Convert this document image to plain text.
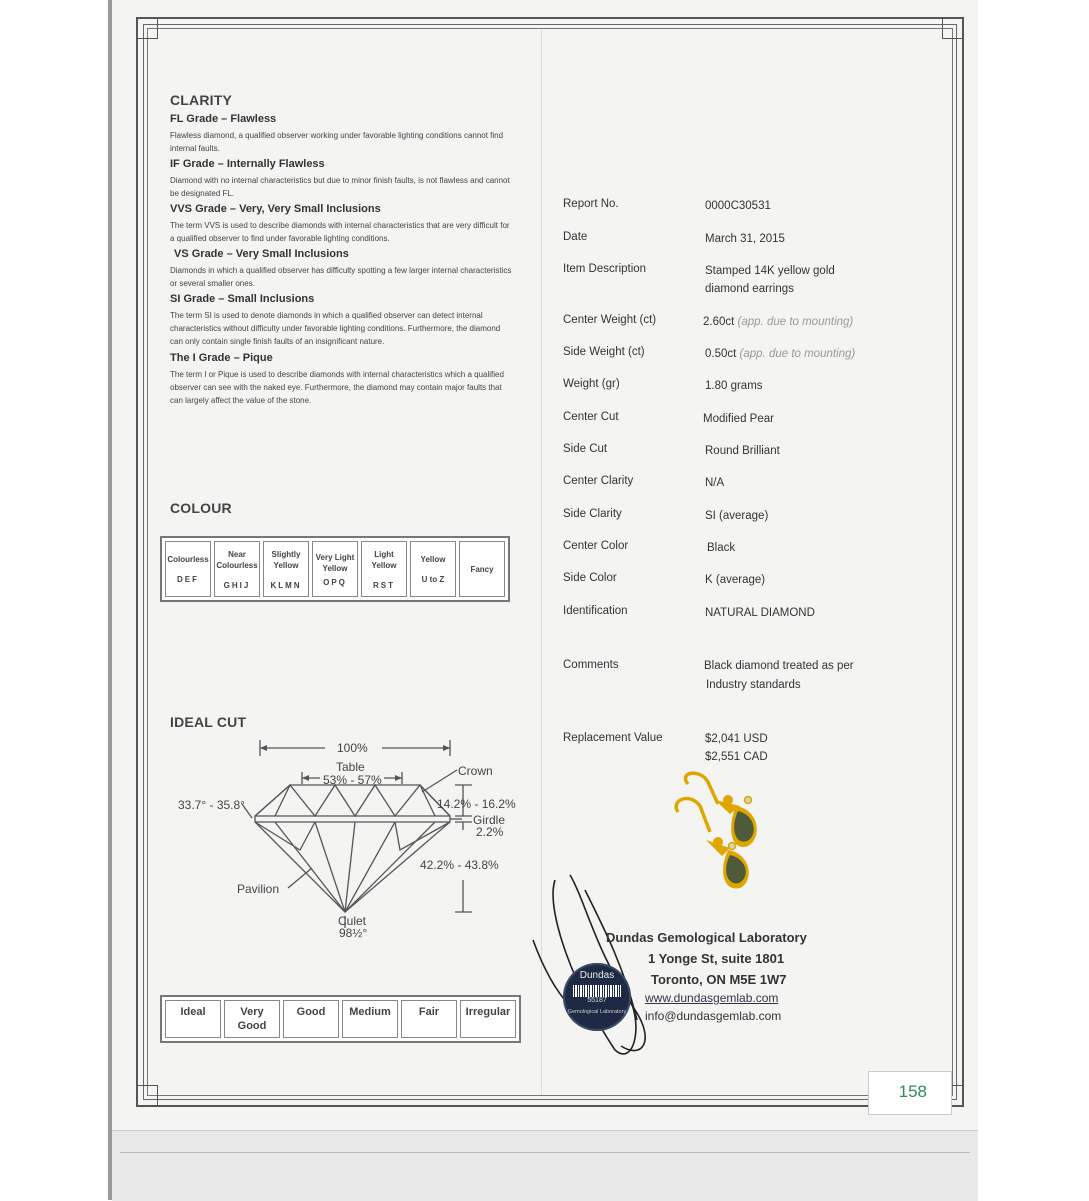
CLARITY
FL Grade – Flawless
Flawless diamond, a qualified observer working under favorable lighting conditions cannot find internal faults.
IF Grade – Internally Flawless
Diamond with no internal characteristics but due to minor finish faults, is not flawless and cannot be designated FL.
VVS Grade – Very, Very Small Inclusions
The term VVS is used to describe diamonds with internal characteristics that are very difficult for a qualified observer to find under favorable lighting conditions.
VS Grade – Very Small Inclusions
Diamonds in which a qualified observer has difficulty spotting a few larger internal characteristics or several smaller ones.
SI Grade – Small Inclusions
The term SI is used to denote diamonds in which a qualified observer can detect internal characteristics without difficulty under favorable lighting conditions. Furthermore, the diamond can only contain single finish faults of an insignificant nature.
The I Grade – Pique
The term I or Pique is used to describe diamonds with internal characteristics which a qualified observer can see with the naked eye. Furthermore, the diamond may contain major faults that can largely affect the value of the stone.
COLOUR
Colourless
DEF

Near Colourless
GHIJ

Slightly Yellow
KLMN

Very Light Yellow
OPQ

Light Yellow
RST

Yellow
U to Z

Fancy
IDEAL CUT
100%
Table
53% - 57%
Crown
33.7° - 35.8°	14.2% - 16.2%
Girdle
2.2%
42.2% - 43.8%
Pavilion
Culet
98½°
Ideal	Very Good	Good	Medium	Fair	Irregular
Report No.	0000C30531
Date	March 31, 2015
Item Description	Stamped 14K yellow gold
diamond earrings
Center Weight (ct)	2.60ct (app. due to mounting)
Side Weight (ct)	0.50ct (app. due to mounting)
Weight (gr)	1.80 grams
Center Cut	Modified Pear
Side Cut	Round Brilliant
Center Clarity	N/A
Side Clarity	SI (average)
Center Color	Black
Side Color	K (average)
Identification	NATURAL DIAMOND
Comments	Black diamond treated as per
Industry standards
Replacement Value	$2,041 USD
$2,551 CAD
Dundas
55187
Gemological Laboratory
Dundas Gemological Laboratory
1 Yonge St, suite 1801
Toronto, ON M5E 1W7
www.dundasgemlab.com
info@dundasgemlab.com
158
